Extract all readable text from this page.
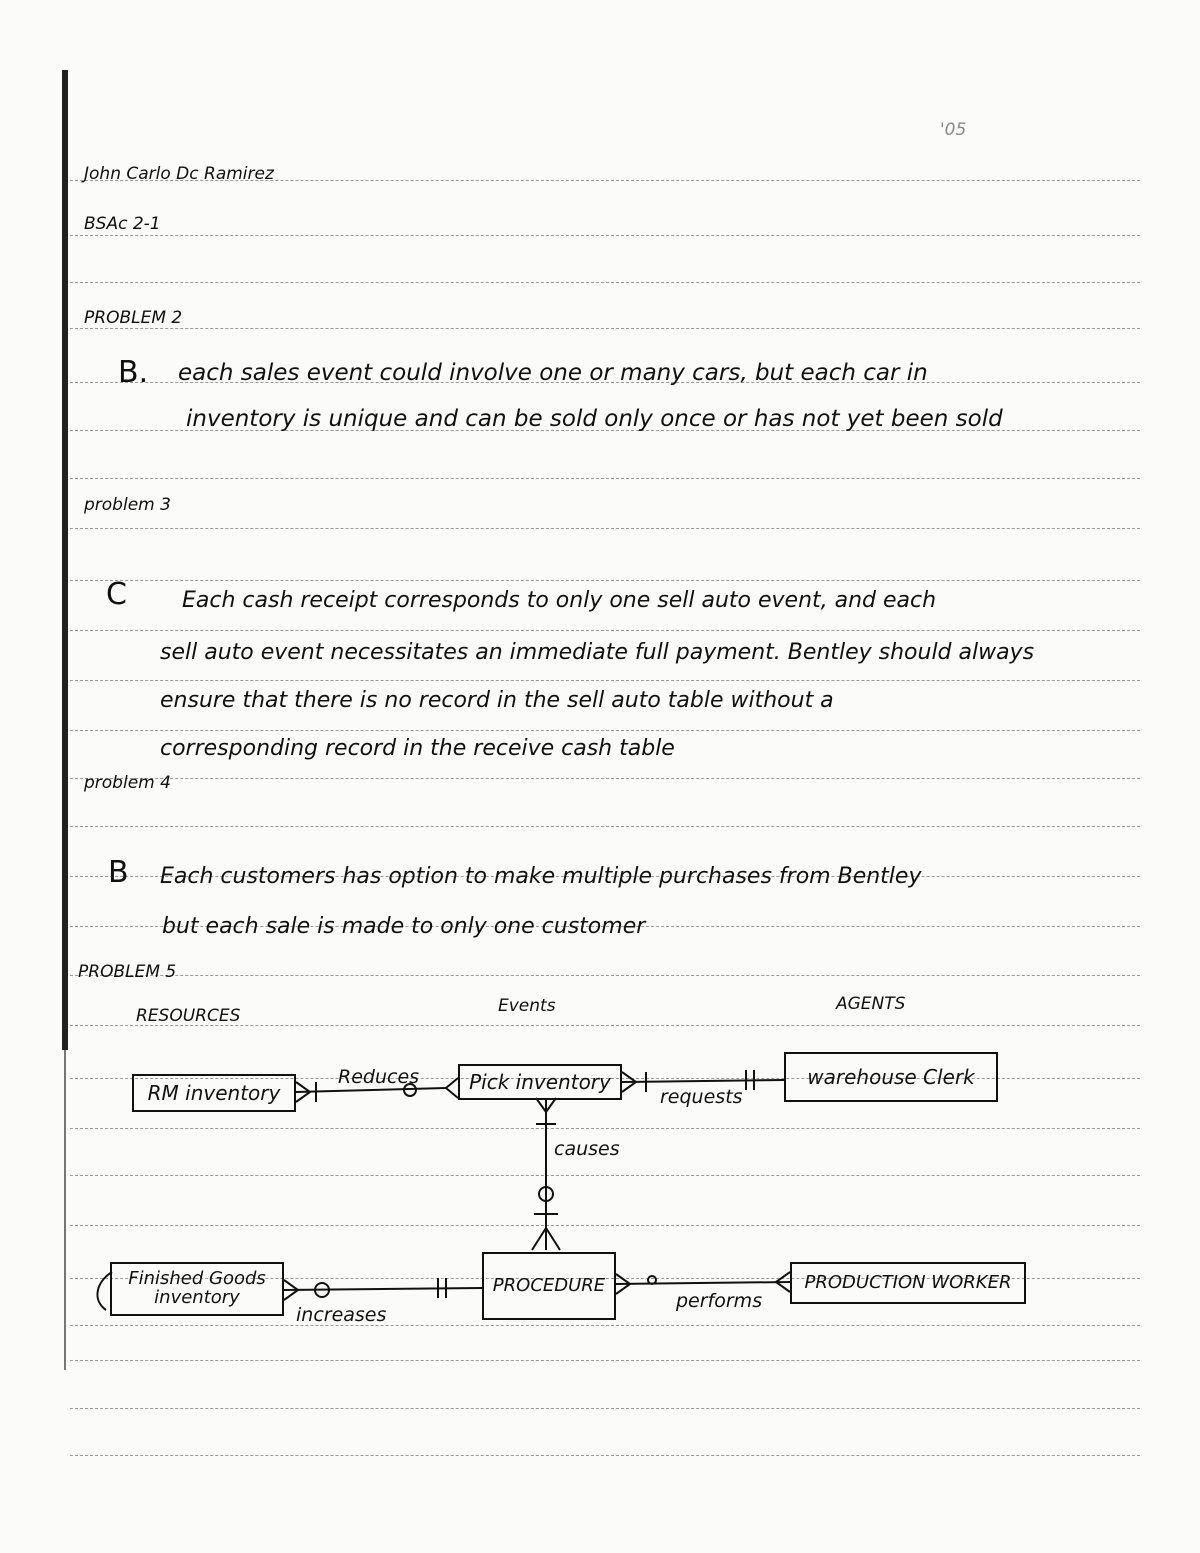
'05
John Carlo Dc Ramirez
BSAc 2-1
PROBLEM 2
B. each sales event could involve one or many cars, but each car in
inventory is unique and can be sold only once or has not yet been sold
problem 3
C	Each cash receipt corresponds to only one sell auto event, and each
sell auto event necessitates an immediate full payment. Bentley should always
ensure that there is no record in the sell auto table without a
corresponding record in the receive cash table
problem 4
B Each customers has option to make multiple purchases from Bentley
but each sale is made to only one customer
PROBLEM 5
RESOURCES	Events	AGENTS
RM inventory	Pick inventory	warehouse Clerk
Finished Goods inventory
PROCEDURE	PRODUCTION WORKER
Reduces
requests
causes
increases
performs
